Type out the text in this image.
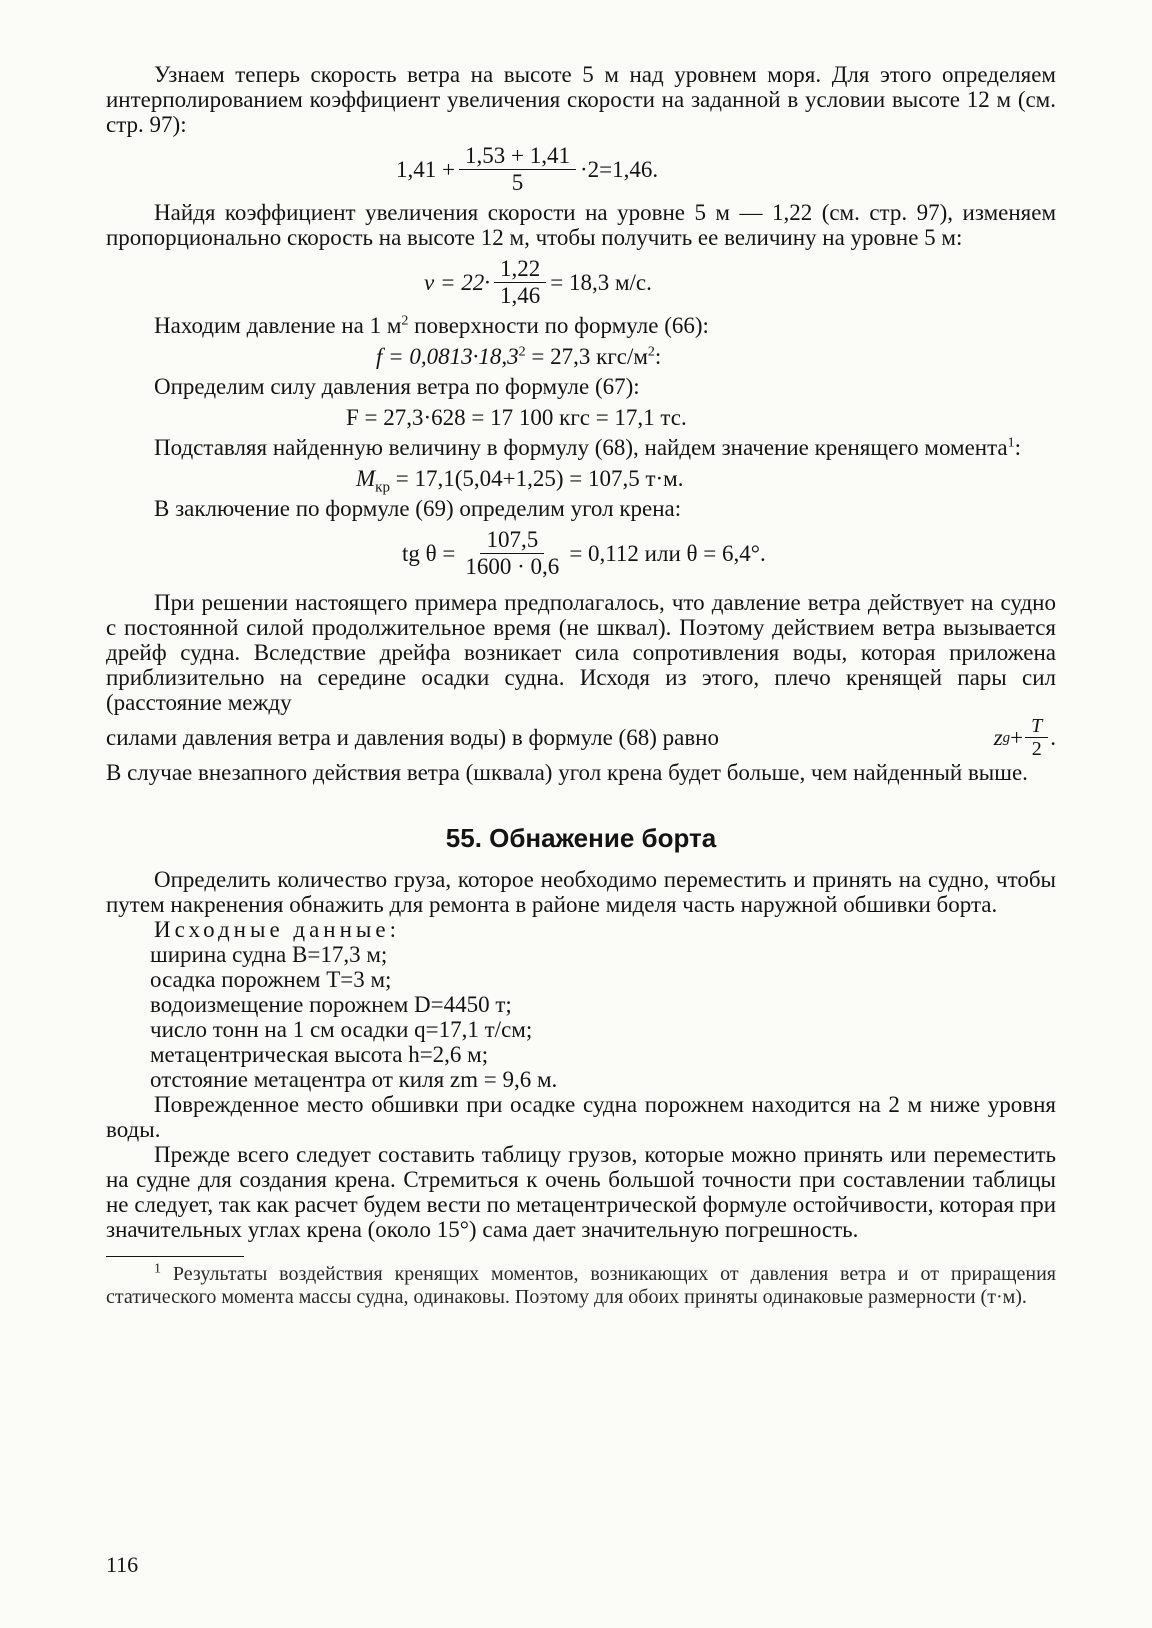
Узнаем теперь скорость ветра на высоте 5 м над уровнем моря. Для этого определяем интерполированием коэффициент увеличения скорости на заданной в условии высоте 12 м (см. стр. 97):

$1,41 + \frac{1,53 + 1,41}{5} \cdot 2=1,46$.

Найдя коэффициент увеличения скорости на уровне 5 м — 1,22 (см. стр. 97), изменяем пропорционально скорость на высоте 12 м, чтобы получить ее величину на уровне 5 м:

$v = 22\cdot \frac{1,22}{1,46} = 18,3$ м/с.

Находим давление на 1 $м^2$ поверхности по формуле (66):

$f = 0,0813\cdot 18,3^2 = 27,3$ кгс/$м^2$:

Определим силу давления ветра по формуле (67):

F = 27,3·628 = 17 100 кгс = 17,1 тс.

Подставляя найденную величину в формулу (68), найдем значение кренящего момента$^1$:

$M_{кр} = 17,1(5,04+1,25) = 107,5$ т·м.

В заключение по формуле (69) определим угол крена:

tg $\theta = \frac{107,5}{1600 \cdot 0,6} = 0,112$ или θ = 6,4°.

При решении настоящего примера предполагалось, что давление ветра действует на судно с постоянной силой продолжительное время (не шквал). Поэтому действием ветра вызывается дрейф судна. Вследствие дрейфа возникает сила сопротивления воды, которая приложена приблизительно на середине осадки судна. Исходя из этого, плечо кренящей пары сил (расстояние между

силами давления ветра и давления воды) в формуле (68) равно	z $g + \frac{T}{2}$ .

В случае внезапного действия ветра (шквала) угол крена будет больше, чем найденный выше.

55. Обнажение борта

Определить количество груза, которое необходимо переместить и принять на судно, чтобы путем накренения обнажить для ремонта в районе миделя часть наружной обшивки борта.

Исходные данные:

ширина судна B=17,3 м;

осадка порожнем T=3 м;

водоизмещение порожнем D=4450 т;

число тонн на 1 см осадки q=17,1 т/см;

метацентрическая высота h=2,6 м;

отстояние метацентра от киля zm = 9,6 м.

Поврежденное место обшивки при осадке судна порожнем находится на 2 м ниже уровня воды.

Прежде всего следует составить таблицу грузов, которые можно принять или переместить на судне для создания крена. Стремиться к очень большой точности при составлении таблицы не следует, так как расчет будем вести по метацентрической формуле остойчивости, которая при значительных углах крена (около 15°) сама дает значительную погрешность.

$^1$ Результаты воздействия кренящих моментов, возникающих от давления ветра и от приращения статического момента массы судна, одинаковы. Поэтому для обоих приняты одинаковые размерности (т·м).

116
